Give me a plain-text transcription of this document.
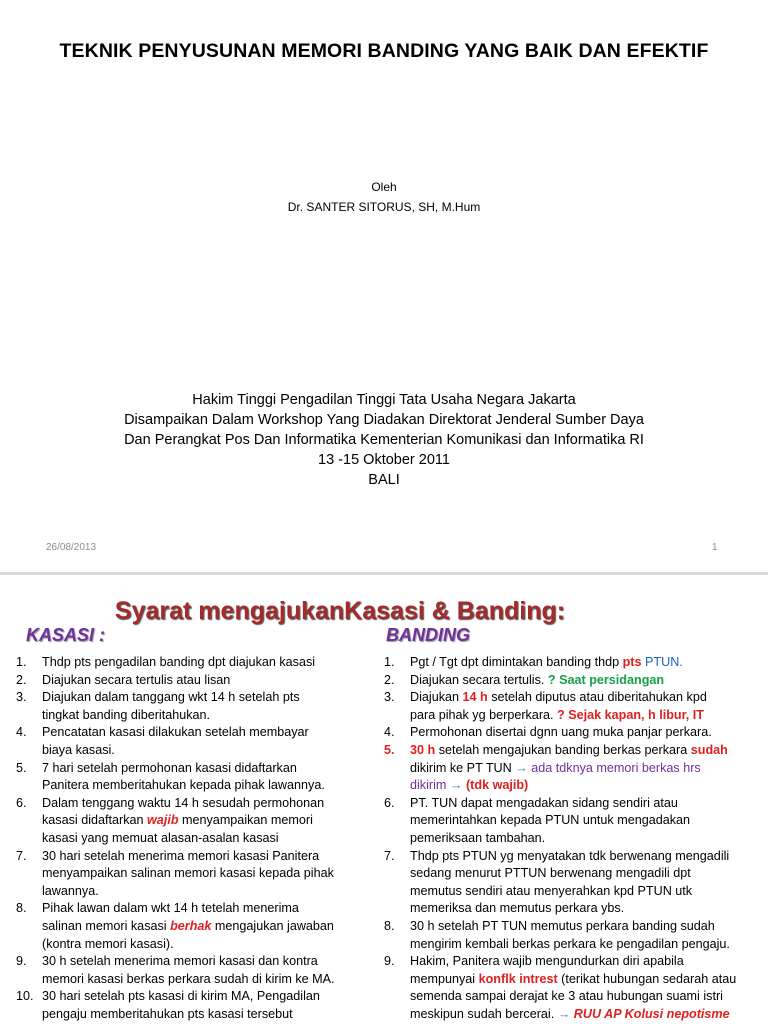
TEKNIK PENYUSUNAN MEMORI BANDING YANG BAIK DAN EFEKTIF
Oleh
Dr. SANTER SITORUS, SH, M.Hum
Hakim Tinggi Pengadilan Tinggi Tata Usaha Negara Jakarta
Disampaikan Dalam Workshop Yang Diadakan Direktorat Jenderal Sumber Daya
Dan Perangkat Pos Dan Informatika Kementerian Komunikasi dan Informatika RI
13 -15 Oktober 2011
BALI
26/08/2013	1
Syarat mengajukanKasasi & Banding:
KASASI :	BANDING
1.	Thdp pts pengadilan banding dpt diajukan kasasi
2.	Diajukan secara tertulis atau lisan
3.	Diajukan dalam tanggang wkt 14 h setelah pts
tingkat banding diberitahukan.
4.	Pencatatan kasasi dilakukan setelah membayar
biaya kasasi.
5.	7 hari setelah permohonan kasasi didaftarkan
Panitera memberitahukan kepada pihak lawannya.
6.	Dalam tenggang waktu 14 h sesudah permohonan
kasasi didaftarkan wajib menyampaikan memori
kasasi yang memuat alasan-asalan kasasi
7.	30 hari setelah menerima memori kasasi Panitera
menyampaikan salinan memori kasasi kepada pihak
lawannya.
8.	Pihak lawan dalam wkt 14 h tetelah menerima
salinan memori kasasi berhak mengajukan jawaban
(kontra memori kasasi).
9.	30 h setelah menerima memori kasasi dan kontra
memori kasasi berkas perkara sudah di kirim ke MA.
10. 30 hari setelah pts kasasi di kirim MA, Pengadilan
pengaju memberitahukan pts kasasi tersebut
1.	Pgt / Tgt dpt dimintakan banding thdp pts PTUN.
2.	Diajukan secara tertulis. ? Saat persidangan
3.	Diajukan 14 h setelah diputus atau diberitahukan kpd
para pihak yg berperkara. ? Sejak kapan, h libur, IT
4.	Permohonan disertai dgnn uang muka panjar perkara.
5.	30 h setelah mengajukan banding berkas perkara sudah
dikirim ke PT TUN → ada tdknya memori berkas hrs
dikirim → (tdk wajib)
6.	PT. TUN dapat mengadakan sidang sendiri atau
memerintahkan kepada PTUN untuk mengadakan
pemeriksaan tambahan.
7.	Thdp pts PTUN yg menyatakan tdk berwenang mengadili
sedang menurut PTTUN berwenang mengadili dpt
memutus sendiri atau menyerahkan kpd PTUN utk
memeriksa dan memutus perkara ybs.
8.	30 h setelah PT TUN memutus perkara banding sudah
mengirim kembali berkas perkara ke pengadilan pengaju.
9.	Hakim, Panitera wajib mengundurkan diri apabila
mempunyai konflk intrest (terikat hubungan sedarah atau
semenda sampai derajat ke 3 atau hubungan suami istri
meskipun sudah bercerai. → RUU AP Kolusi nepotisme
